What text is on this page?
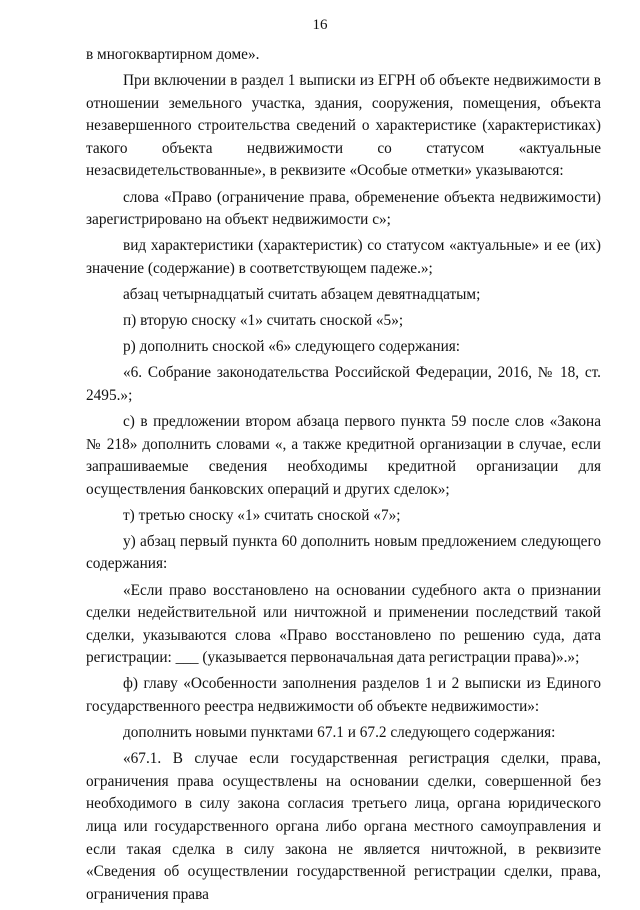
16

в многоквартирном доме».

При включении в раздел 1 выписки из ЕГРН об объекте недвижимости в отношении земельного участка, здания, сооружения, помещения, объекта незавершенного строительства сведений о характеристике (характеристиках) такого объекта недвижимости со статусом «актуальные незасвидетельствованные», в реквизите «Особые отметки» указываются:

слова «Право (ограничение права, обременение объекта недвижимости) зарегистрировано на объект недвижимости с»;

вид характеристики (характеристик) со статусом «актуальные» и ее (их) значение (содержание) в соответствующем падеже.»;

абзац четырнадцатый считать абзацем девятнадцатым;

п) вторую сноску «1» считать сноской «5»;

р) дополнить сноской «6» следующего содержания:

«6. Собрание законодательства Российской Федерации, 2016, № 18, ст. 2495.»;

с) в предложении втором абзаца первого пункта 59 после слов «Закона № 218» дополнить словами «, а также кредитной организации в случае, если запрашиваемые сведения необходимы кредитной организации для осуществления банковских операций и других сделок»;

т) третью сноску «1» считать сноской «7»;

у) абзац первый пункта 60 дополнить новым предложением следующего содержания:

«Если право восстановлено на основании судебного акта о признании сделки недействительной или ничтожной и применении последствий такой сделки, указываются слова «Право восстановлено по решению суда, дата регистрации: ___ (указывается первоначальная дата регистрации права)».»;

ф) главу «Особенности заполнения разделов 1 и 2 выписки из Единого государственного реестра недвижимости об объекте недвижимости»:

дополнить новыми пунктами 67.1 и 67.2 следующего содержания:

«67.1. В случае если государственная регистрация сделки, права, ограничения права осуществлены на основании сделки, совершенной без необходимого в силу закона согласия третьего лица, органа юридического лица или государственного органа либо органа местного самоуправления и если такая сделка в силу закона не является ничтожной, в реквизите «Сведения об осуществлении государственной регистрации сделки, права, ограничения права
